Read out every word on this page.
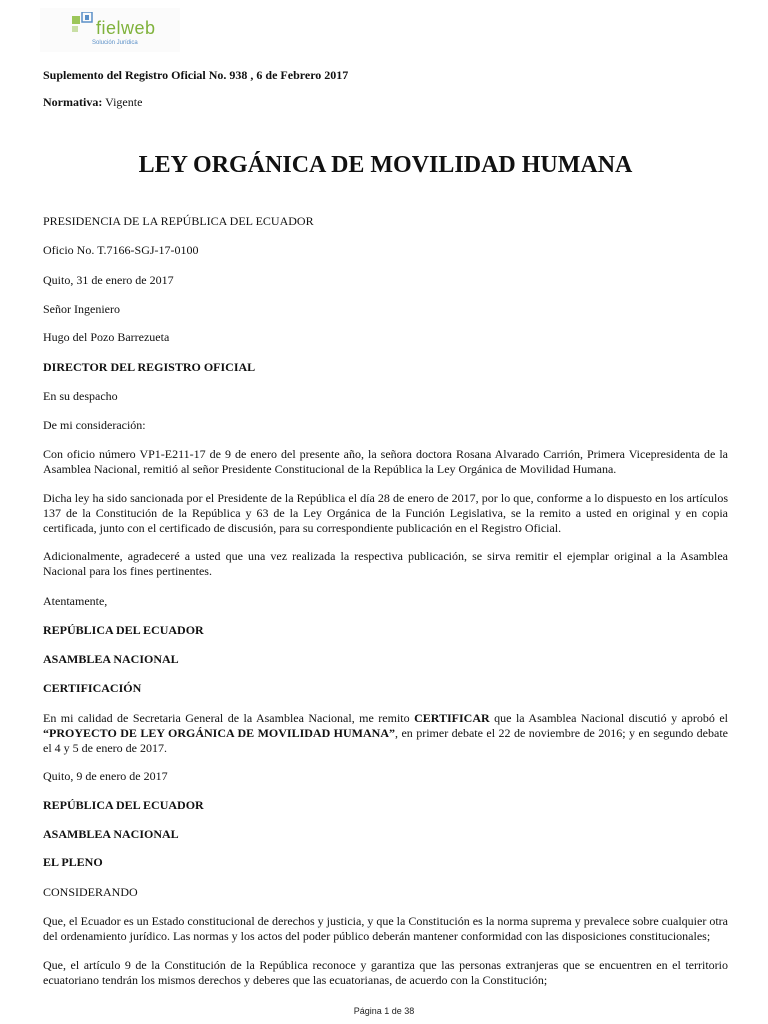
fielweb
Solución Jurídica

Suplemento del Registro Oficial No. 938 , 6 de Febrero 2017

Normativa: Vigente

LEY ORGÁNICA DE MOVILIDAD HUMANA

PRESIDENCIA DE LA REPÚBLICA DEL ECUADOR

Oficio No. T.7166-SGJ-17-0100

Quito, 31 de enero de 2017

Señor Ingeniero

Hugo del Pozo Barrezueta

DIRECTOR DEL REGISTRO OFICIAL

En su despacho

De mi consideración:

Con oficio número VP1-E211-17 de 9 de enero del presente año, la señora doctora Rosana Alvarado Carrión, Primera Vicepresidenta de la Asamblea Nacional, remitió al señor Presidente Constitucional de la República la Ley Orgánica de Movilidad Humana.

Dicha ley ha sido sancionada por el Presidente de la República el día 28 de enero de 2017, por lo que, conforme a lo dispuesto en los artículos 137 de la Constitución de la República y 63 de la Ley Orgánica de la Función Legislativa, se la remito a usted en original y en copia certificada, junto con el certificado de discusión, para su correspondiente publicación en el Registro Oficial.

Adicionalmente, agradeceré a usted que una vez realizada la respectiva publicación, se sirva remitir el ejemplar original a la Asamblea Nacional para los fines pertinentes.

Atentamente,

REPÚBLICA DEL ECUADOR

ASAMBLEA NACIONAL

CERTIFICACIÓN

En mi calidad de Secretaria General de la Asamblea Nacional, me remito CERTIFICAR que la Asamblea Nacional discutió y aprobó el “PROYECTO DE LEY ORGÁNICA DE MOVILIDAD HUMANA”, en primer debate el 22 de noviembre de 2016; y en segundo debate el 4 y 5 de enero de 2017.

Quito, 9 de enero de 2017

REPÚBLICA DEL ECUADOR

ASAMBLEA NACIONAL

EL PLENO

CONSIDERANDO

Que, el Ecuador es un Estado constitucional de derechos y justicia, y que la Constitución es la norma suprema y prevalece sobre cualquier otra del ordenamiento jurídico. Las normas y los actos del poder público deberán mantener conformidad con las disposiciones constitucionales;

Que, el artículo 9 de la Constitución de la República reconoce y garantiza que las personas extranjeras que se encuentren en el territorio ecuatoriano tendrán los mismos derechos y deberes que las ecuatorianas, de acuerdo con la Constitución;

Página 1 de 38
